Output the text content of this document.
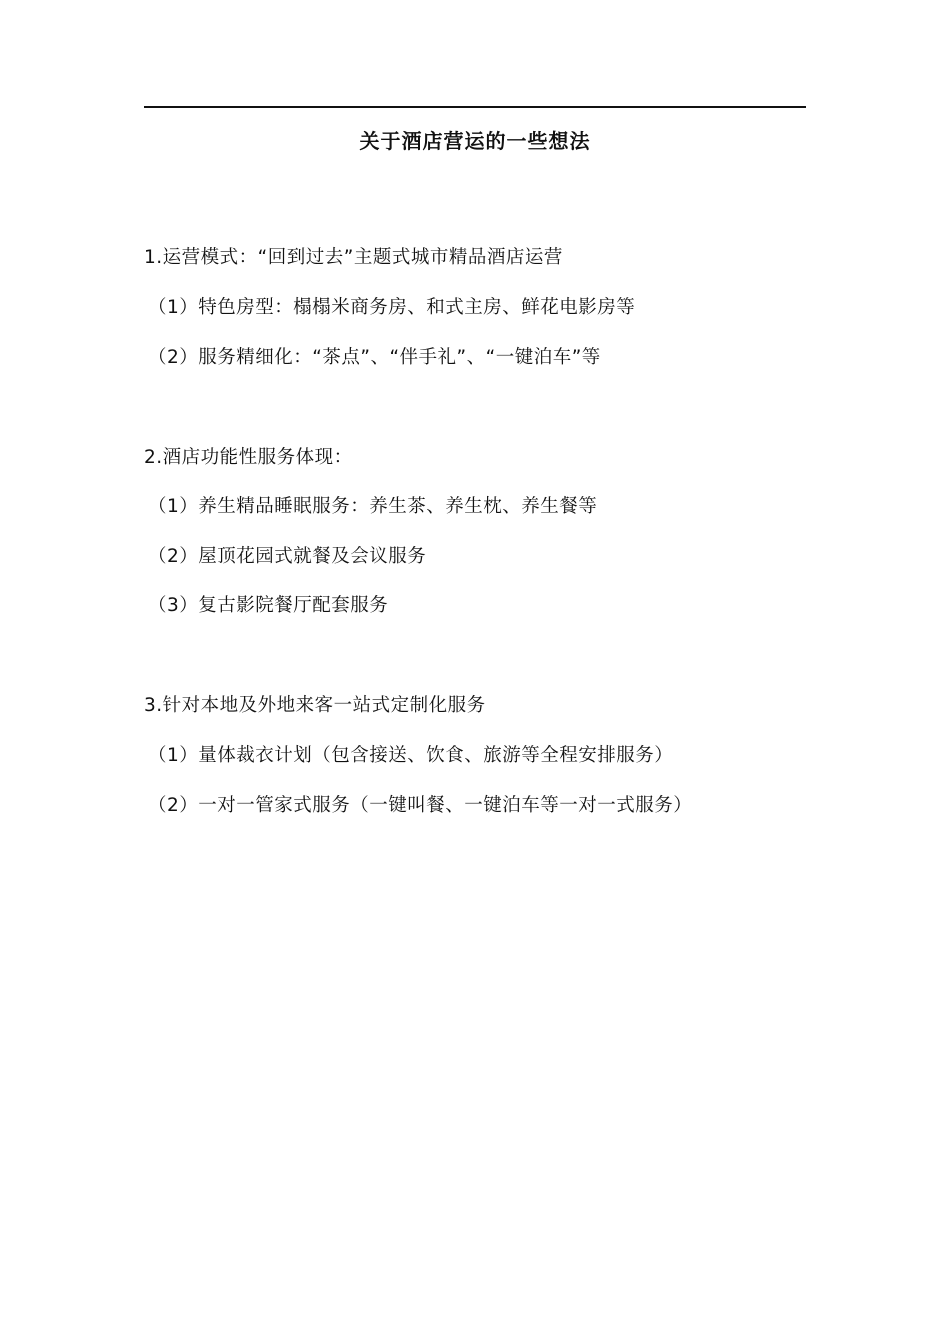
关于酒店营运的一些想法
1.运营模式：“回到过去”主题式城市精品酒店运营
（1）特色房型：榻榻米商务房、和式主房、鲜花电影房等
（2）服务精细化：“茶点”、“伴手礼”、“一键泊车”等
2.酒店功能性服务体现：
（1）养生精品睡眠服务：养生茶、养生枕、养生餐等
（2）屋顶花园式就餐及会议服务
（3）复古影院餐厅配套服务
3.针对本地及外地来客一站式定制化服务
（1）量体裁衣计划（包含接送、饮食、旅游等全程安排服务）
（2）一对一管家式服务（一键叫餐、一键泊车等一对一式服务）
